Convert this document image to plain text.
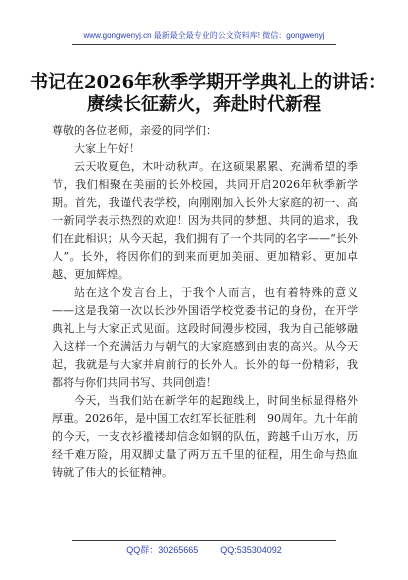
www.gongwenyj.cn 最新最全最专业的公文资料库! 微信：gongwenyj
书记在2026年秋季学期开学典礼上的讲话：
赓续长征薪火，奔赴时代新程

尊敬的各位老师，亲爱的同学们：

大家上午好！

云天收夏色，木叶动秋声。在这硕果累累、充满希望的季节，我们相聚在美丽的长外校园，共同开启2026年秋季新学期。首先，我谨代表学校，向刚刚加入长外大家庭的初一、高一新同学表示热烈的欢迎！因为共同的梦想、共同的追求，我们在此相识；从今天起，我们拥有了一个共同的名字——“长外人”。长外，将因你们的到来而更加美丽、更加精彩、更加卓越、更加辉煌。

站在这个发言台上，于我个人而言，也有着特殊的意义——这是我第一次以长沙外国语学校党委书记的身份，在开学典礼上与大家正式见面。这段时间漫步校园，我为自己能够融入这样一个充满活力与朝气的大家庭感到由衷的高兴。从今天起，我就是与大家并肩前行的长外人。长外的每一份精彩，我都将与你们共同书写、共同创造！

今天，当我们站在新学年的起跑线上，时间坐标显得格外厚重。2026年，是中国工农红军长征胜利　90周年。九十年前的今天，一支衣衫褴褛却信念如钢的队伍，跨越千山万水，历经千难万险，用双脚丈量了两万五千里的征程，用生命与热血铸就了伟大的长征精神。

QQ群：30265665 QQ:535304092
